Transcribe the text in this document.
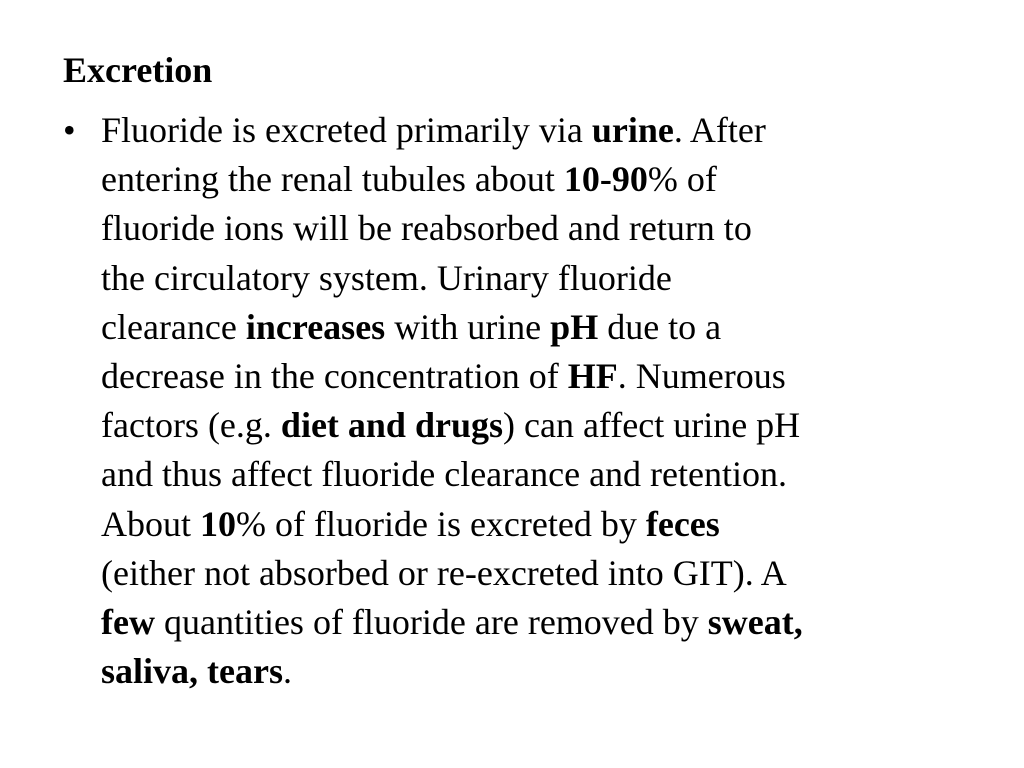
Excretion
• Fluoride is excreted primarily via urine. After
entering the renal tubules about 10-90% of
fluoride ions will be reabsorbed and return to
the circulatory system. Urinary fluoride
clearance increases with urine pH due to a
decrease in the concentration of HF. Numerous
factors (e.g. diet and drugs) can affect urine pH
and thus affect fluoride clearance and retention.
About 10% of fluoride is excreted by feces
(either not absorbed or re-excreted into GIT). A
few quantities of fluoride are removed by sweat,
saliva, tears.
